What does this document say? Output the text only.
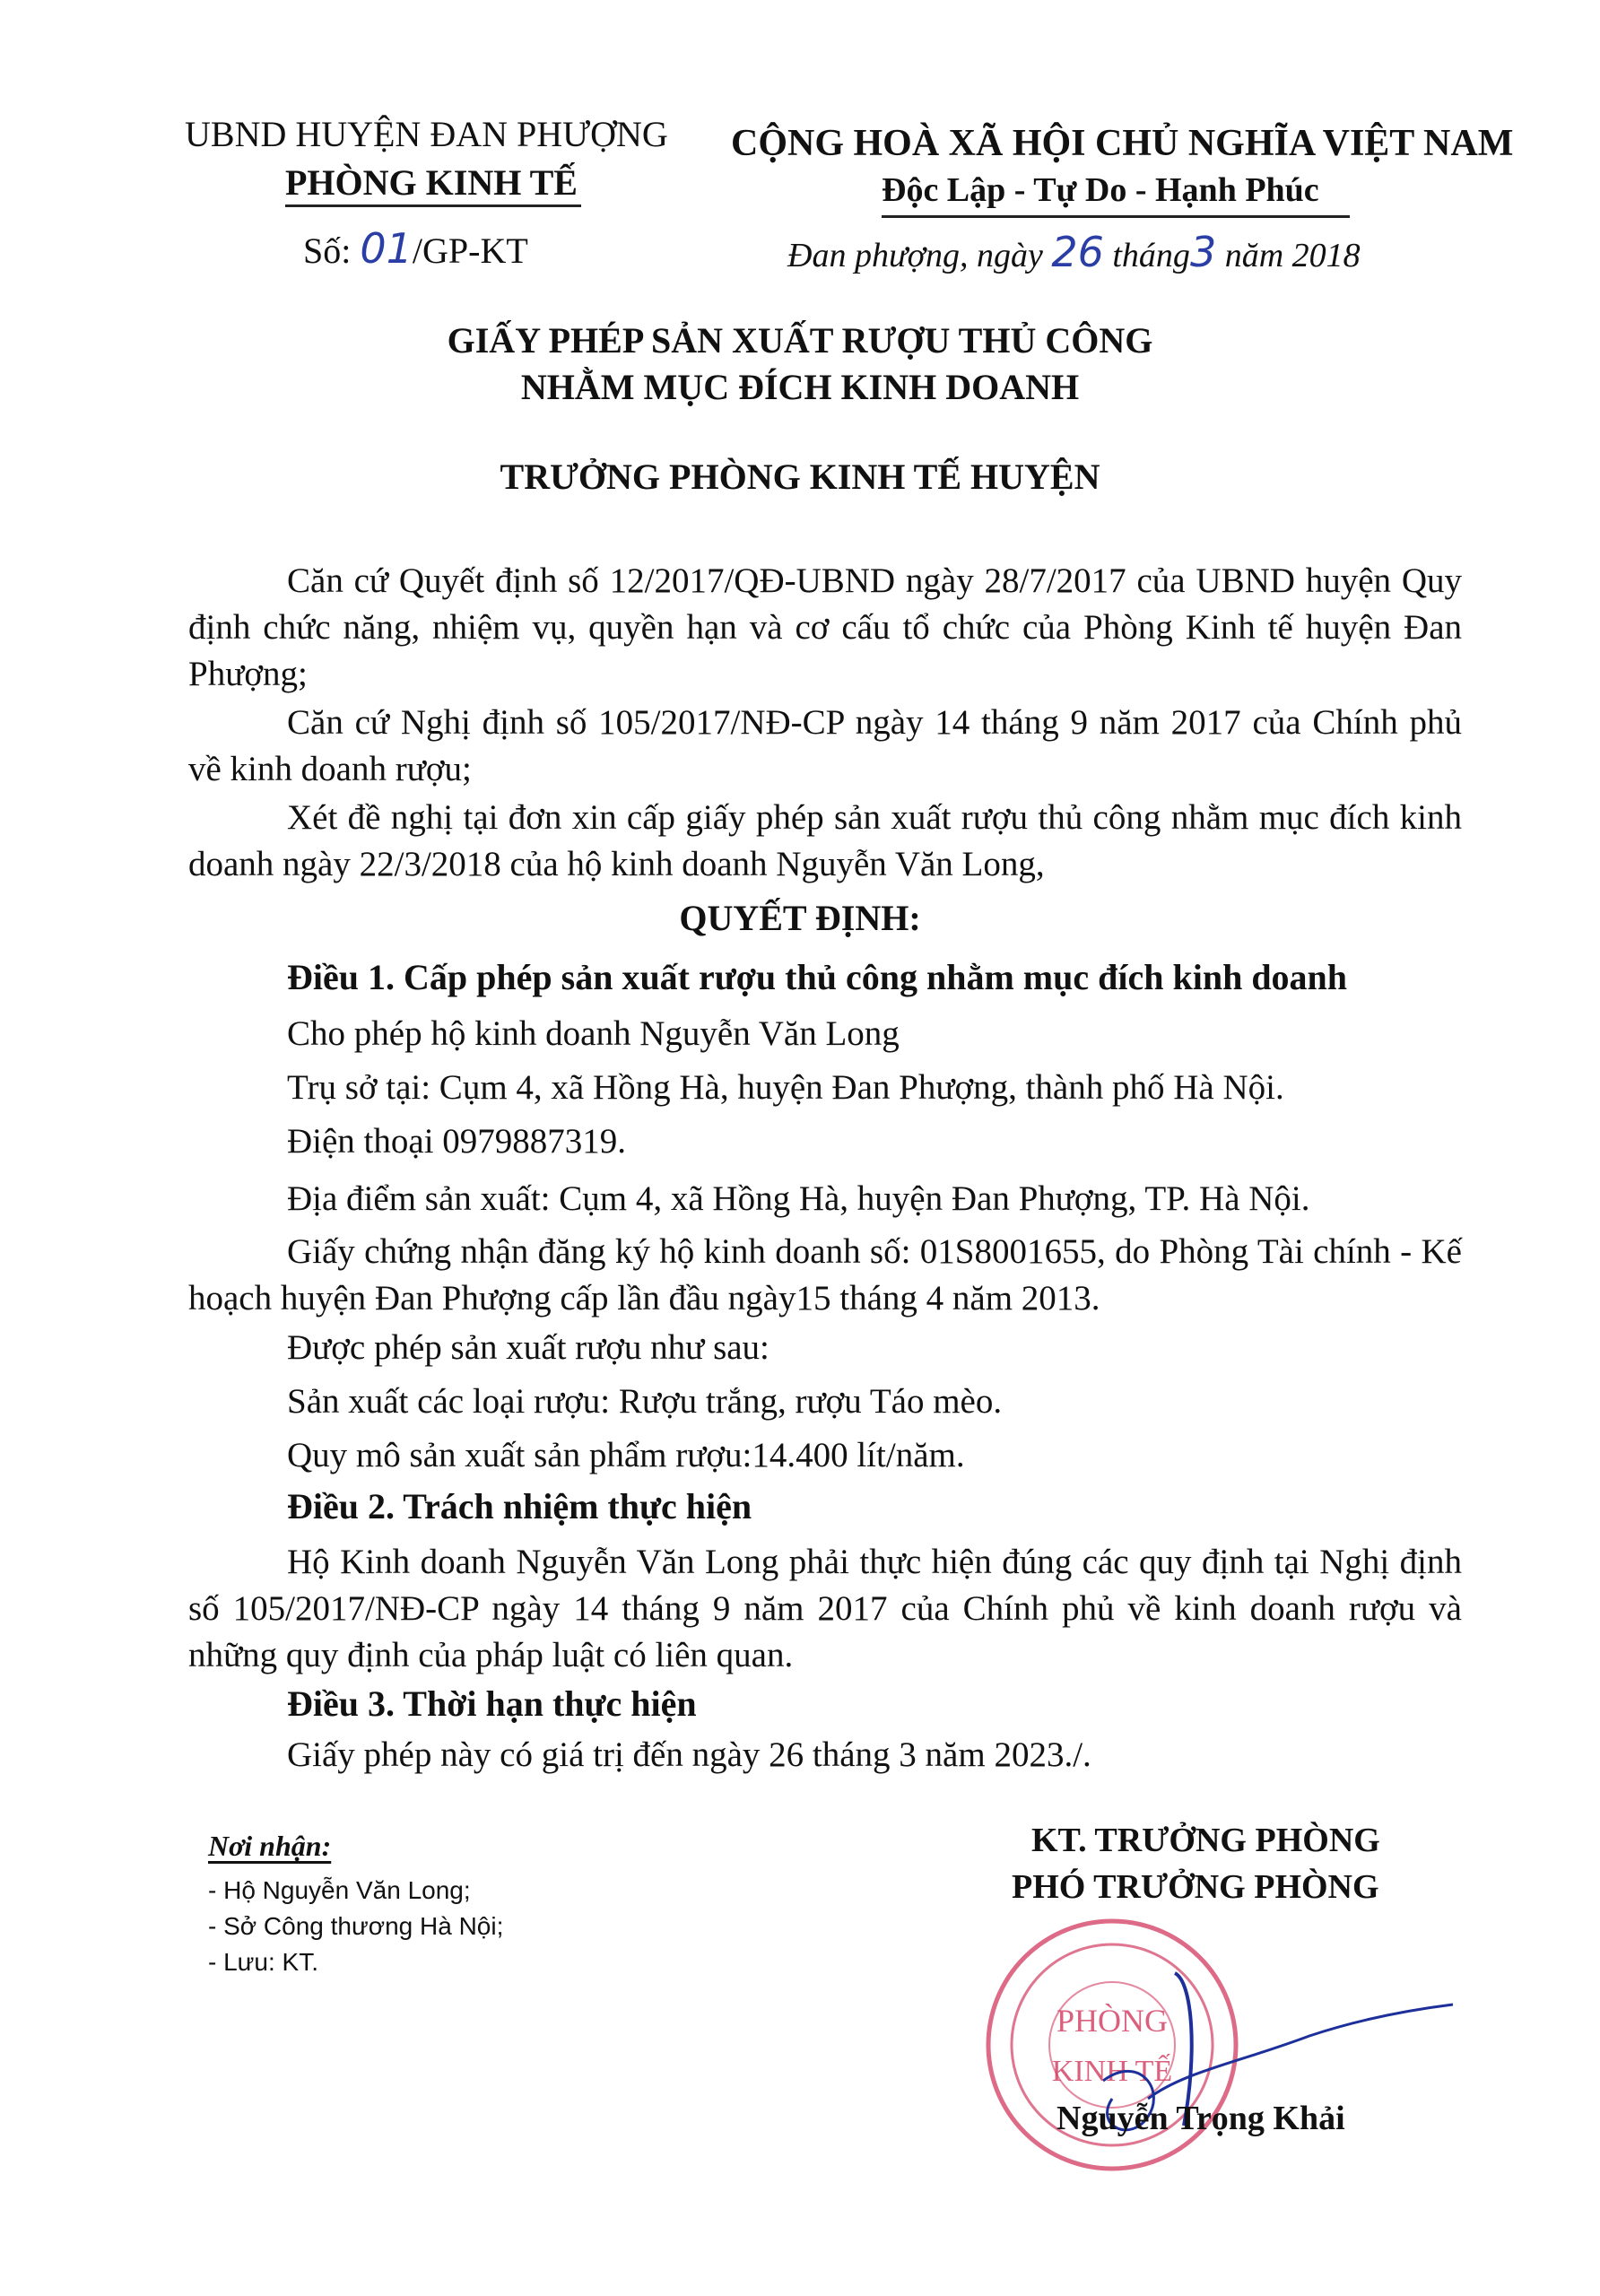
UBND HUYỆN ĐAN PHƯỢNG
PHÒNG KINH TẾ
Số: 01/GP-KT
CỘNG HOÀ XÃ HỘI CHỦ NGHĨA VIỆT NAM
Độc Lập - Tự Do - Hạnh Phúc
Đan phượng, ngày 26 tháng3 năm 2018
GIẤY PHÉP SẢN XUẤT RƯỢU THỦ CÔNG
NHẰM MỤC ĐÍCH KINH DOANH
TRƯỞNG PHÒNG KINH TẾ HUYỆN
Căn cứ Quyết định số 12/2017/QĐ-UBND ngày 28/7/2017 của UBND huyện Quy định chức năng, nhiệm vụ, quyền hạn và cơ cấu tổ chức của Phòng Kinh tế huyện Đan Phượng;
Căn cứ Nghị định số 105/2017/NĐ-CP ngày 14 tháng 9 năm 2017 của Chính phủ về kinh doanh rượu;
Xét đề nghị tại đơn xin cấp giấy phép sản xuất rượu thủ công nhằm mục đích kinh doanh ngày 22/3/2018 của hộ kinh doanh Nguyễn Văn Long,
QUYẾT ĐỊNH:
Điều 1. Cấp phép sản xuất rượu thủ công nhằm mục đích kinh doanh
Cho phép hộ kinh doanh Nguyễn Văn Long
Trụ sở tại: Cụm 4, xã Hồng Hà, huyện Đan Phượng, thành phố Hà Nội.
Điện thoại 0979887319.
Địa điểm sản xuất: Cụm 4, xã Hồng Hà, huyện Đan Phượng, TP. Hà Nội.
Giấy chứng nhận đăng ký hộ kinh doanh số: 01S8001655, do Phòng Tài chính - Kế hoạch huyện Đan Phượng cấp lần đầu ngày15 tháng 4 năm 2013.
Được phép sản xuất rượu như sau:
Sản xuất các loại rượu: Rượu trắng, rượu Táo mèo.
Quy mô sản xuất sản phẩm rượu:14.400 lít/năm.
Điều 2. Trách nhiệm thực hiện
Hộ Kinh doanh Nguyễn Văn Long phải thực hiện đúng các quy định tại Nghị định số 105/2017/NĐ-CP ngày 14 tháng 9 năm 2017 của Chính phủ về kinh doanh rượu và những quy định của pháp luật có liên quan.
Điều 3. Thời hạn thực hiện
Giấy phép này có giá trị đến ngày 26 tháng 3 năm 2023./.
Nơi nhận:
- Hộ Nguyễn Văn Long;
- Sở Công thương Hà Nội;
- Lưu: KT.
KT. TRƯỞNG PHÒNG
PHÓ TRƯỞNG PHÒNG
PHÒNG
KINH TẾ
Nguyễn Trọng Khải
